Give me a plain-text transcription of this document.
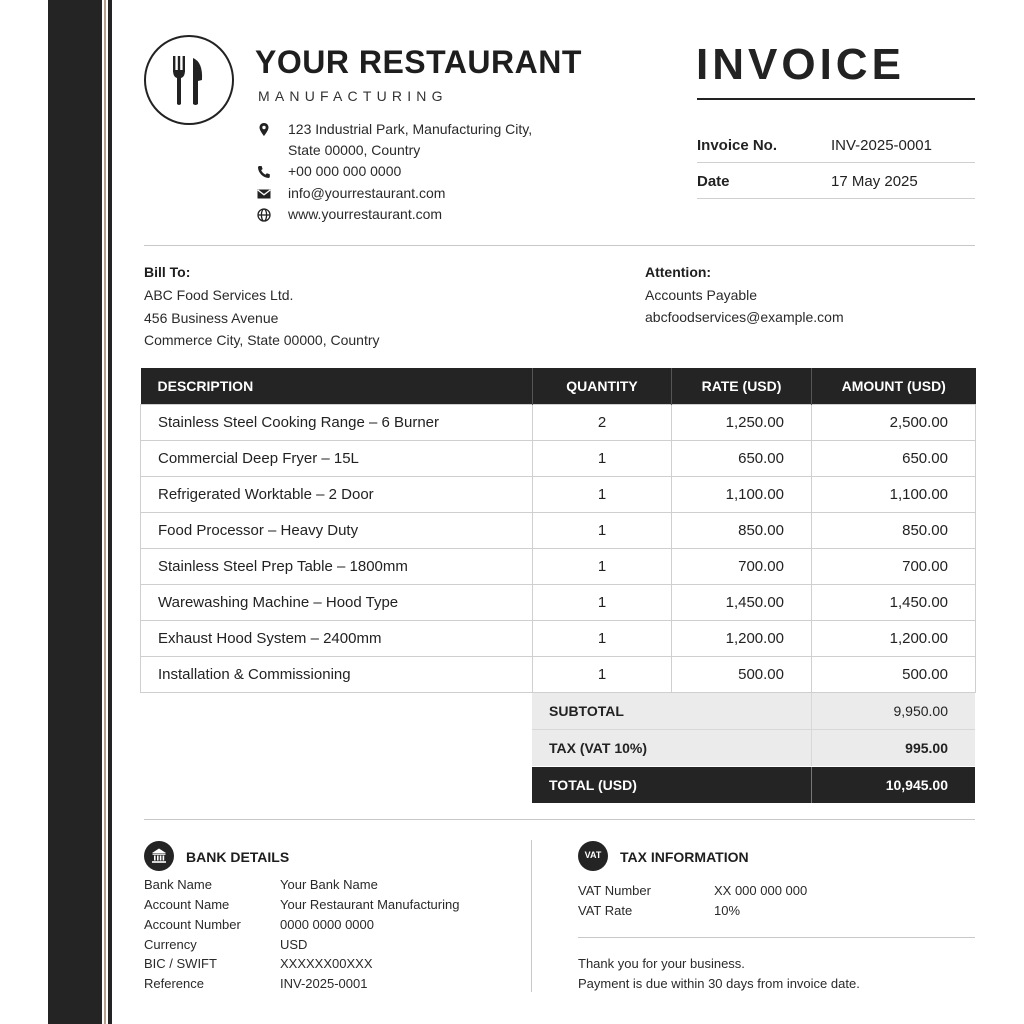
YOUR RESTAURANT
MANUFACTURING
123 Industrial Park, Manufacturing City,
State 00000, Country
+00 000 000 0000
info@yourrestaurant.com
www.yourrestaurant.com
INVOICE
Invoice No.	INV-2025-0001
Date	17 May 2025
Bill To:
ABC Food Services Ltd.
456 Business Avenue
Commerce City, State 00000, Country
Attention:
Accounts Payable
abcfoodservices@example.com
DESCRIPTION	QUANTITY	RATE (USD)	AMOUNT (USD)
Stainless Steel Cooking Range – 6 Burner	2	1,250.00	2,500.00
Commercial Deep Fryer – 15L	1	650.00	650.00
Refrigerated Worktable – 2 Door	1	1,100.00	1,100.00
Food Processor – Heavy Duty	1	850.00	850.00
Stainless Steel Prep Table – 1800mm	1	700.00	700.00
Warewashing Machine – Hood Type	1	1,450.00	1,450.00
Exhaust Hood System – 2400mm	1	1,200.00	1,200.00
Installation & Commissioning	1	500.00	500.00
SUBTOTAL	9,950.00
TAX (VAT 10%)	995.00
TOTAL (USD)	10,945.00
BANK DETAILS
Bank Name	Your Bank Name
Account Name	Your Restaurant Manufacturing
Account Number	0000 0000 0000
Currency	USD
BIC / SWIFT	XXXXXX00XXX
Reference	INV-2025-0001
VAT	TAX INFORMATION
VAT Number	XX 000 000 000
VAT Rate	10%
Thank you for your business.
Payment is due within 30 days from invoice date.
